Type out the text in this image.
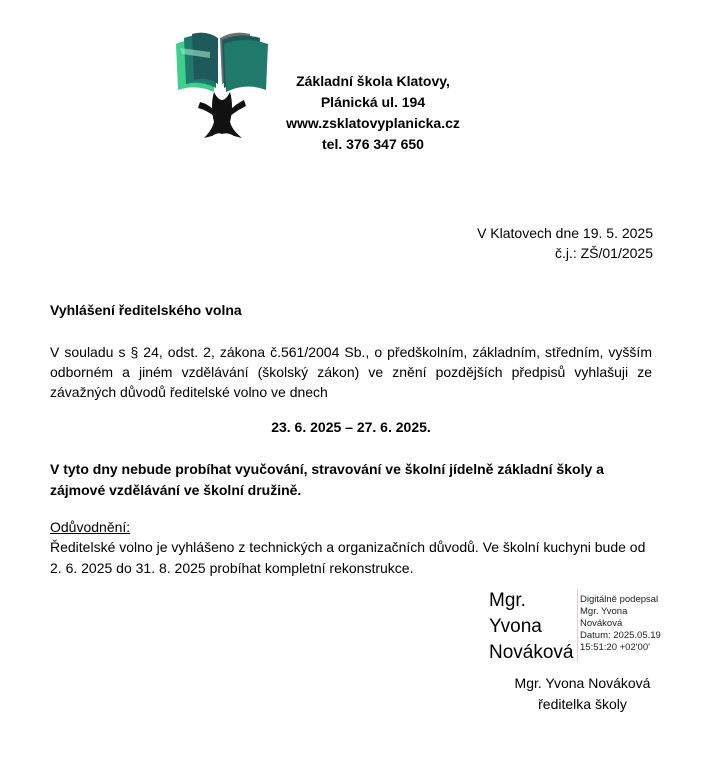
Základní škola Klatovy,
Plánická ul. 194
www.zsklatovyplanicka.cz
tel. 376 347 650
V Klatovech dne 19. 5. 2025
č.j.: ZŠ/01/2025
Vyhlášení ředitelského volna
V souladu s § 24, odst. 2, zákona č.561/2004 Sb., o předškolním, základním, středním, vyšším odborném a jiném vzdělávání (školský zákon) ve znění pozdějších předpisů vyhlašuji ze závažných důvodů ředitelské volno ve dnech
23. 6. 2025 – 27. 6. 2025.
V tyto dny nebude probíhat vyučování, stravování ve školní jídelně základní školy a zájmové vzdělávání ve školní družině.
Odůvodnění:
Ředitelské volno je vyhlášeno z technických a organizačních důvodů. Ve školní kuchyni bude od 2. 6. 2025 do 31. 8. 2025 probíhat kompletní rekonstrukce.
Mgr.
Yvona
Nováková
Digitálně podepsal
Mgr. Yvona
Nováková
Datum: 2025.05.19
15:51:20 +02'00'
Mgr. Yvona Nováková
ředitelka školy
